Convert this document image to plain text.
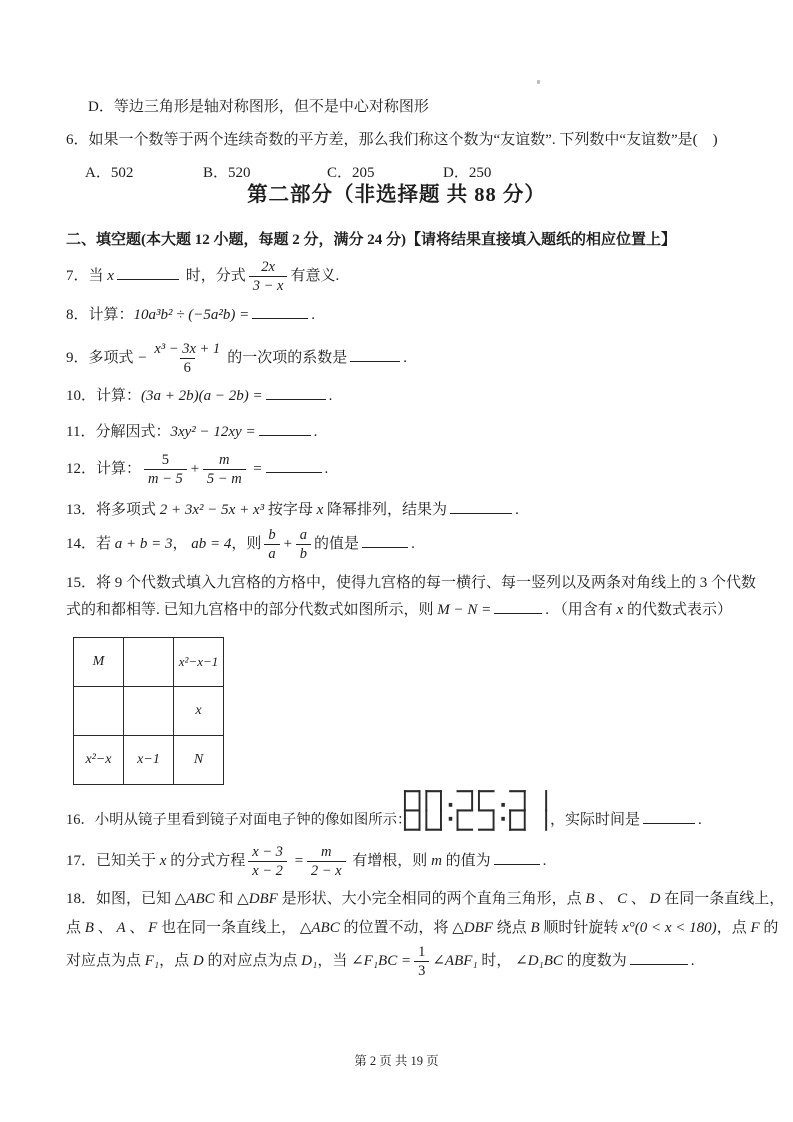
D．等边三角形是轴对称图形，但不是中心对称图形
6．如果一个数等于两个连续奇数的平方差，那么我们称这个数为“友谊数”. 下列数中“友谊数”是(    )

A．502

	B．520

	C．205

	D．250

第二部分（非选择题 共 88 分）
二、填空题(本大题 12 小题，每题 2 分，满分 24 分)【请将结果直接填入题纸的相应位置上】
7．当 x	时，分式 $\frac{2x}{3 - x}$ 有意义.
8．计算：10a³b² ÷ (−5a²b) =	.
9．多项式 − $\frac{\text{x³ − 3x + 1}}{6}$ 的一次项的系数是	.
10．计算：(3a + 2b)(a − 2b) =	.
11．分解因式：3xy² − 12xy =	.
12．计算： $\frac{5}{m - 5} + \frac{m}{5 - m}$ =	.
13．将多项式 2 + 3x² − 5x + x³ 按字母 x 降幂排列，结果为	.
14．若 a + b = 3， ab = 4，则 $\frac{b}{a} + \frac{a}{b}$ 的值是	.
15．将 9 个代数式填入九宫格的方格中，使得九宫格的每一横行、每一竖列以及两条对角线上的 3 个代数
式的和都相等. 已知九宫格中的部分代数式如图所示，则 M − N =	. （用含有 x 的代数式表示）
M		x²−x−1
		x
x²−x	x−1	N
16．小明从镜子里看到镜子对面电子钟的像如图所示：	，实际时间是	.
17．已知关于 x 的分式方程 $\frac{x - 3}{x - 2} = \frac{m}{2 - x}$ 有增根，则 m 的值为	.
18．如图，已知 △ABC 和 △DBF 是形状、大小完全相同的两个直角三角形，点 B 、 C 、 D 在同一条直线上，
点 B 、 A 、 F 也在同一条直线上， △ABC 的位置不动，将 △DBF 绕点 B 顺时针旋转 x°(0 < x < 180)，点 F 的
对应点为点 F₁，点 D 的对应点为点 D₁，当 ∠F₁BC = $\frac{1}{3}$ ∠ABF₁ 时， ∠D₁BC 的度数为	.
第 2 页 共 19 页
